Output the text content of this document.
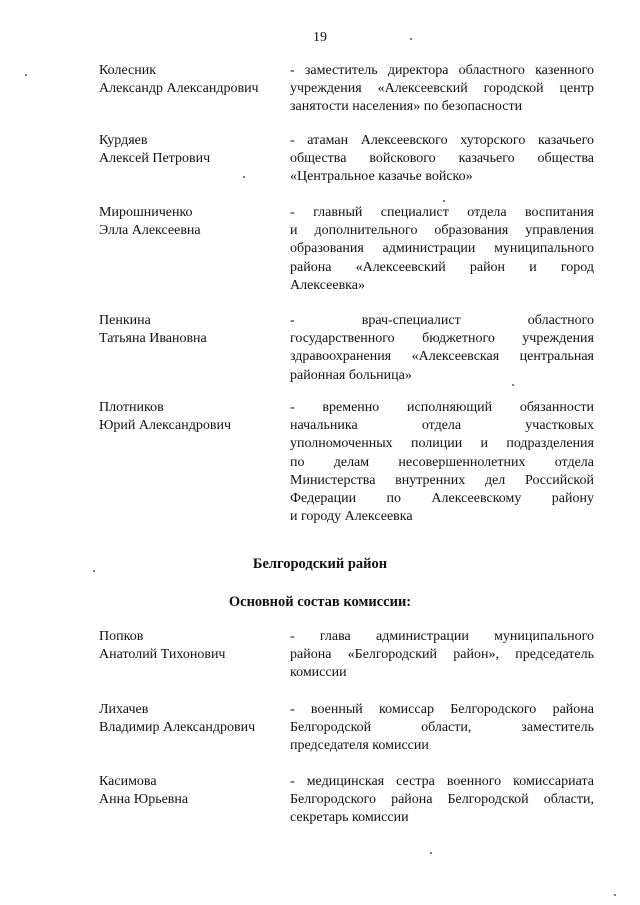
19
Колесник
Александр Александрович
- заместитель директора областного казенного
учреждения «Алексеевский городской центр
занятости населения» по безопасности
Курдяев
Алексей Петрович
- атаман Алексеевского хуторского казачьего
общества войскового казачьего общества
«Центральное казачье войско»
Мирошниченко
Элла Алексеевна
- главный специалист отдела воспитания
и дополнительного образования управления
образования администрации муниципального
района «Алексеевский район и город
Алексеевка»
Пенкина
Татьяна Ивановна
- врач-специалист областного
государственного бюджетного учреждения
здравоохранения «Алексеевская центральная
районная больница»
Плотников
Юрий Александрович
- временно исполняющий обязанности
начальника отдела участковых
уполномоченных полиции и подразделения
по делам несовершеннолетних отдела
Министерства внутренних дел Российской
Федерации по Алексеевскому району
и городу Алексеевка
Белгородский район
Основной состав комиссии:
Попков
Анатолий Тихонович
- глава администрации муниципального
района «Белгородский район», председатель
комиссии
Лихачев
Владимир Александрович
- военный комиссар Белгородского района
Белгородской области, заместитель
председателя комиссии
Касимова
Анна Юрьевна
- медицинская сестра военного комиссариата
Белгородского района Белгородской области,
секретарь комиссии
